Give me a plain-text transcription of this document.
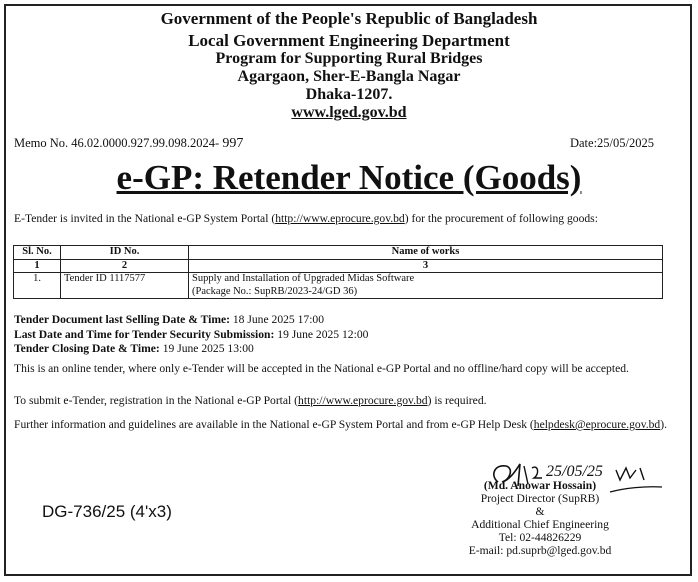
Government of the People's Republic of Bangladesh
Local Government Engineering Department
Program for Supporting Rural Bridges
Agargaon, Sher-E-Bangla Nagar
Dhaka-1207.
www.lged.gov.bd
Memo No. 46.02.0000.927.99.098.2024- 997	Date:25/05/2025
e-GP: Retender Notice (Goods)
E-Tender is invited in the National e-GP System Portal (http://www.eprocure.gov.bd) for the procurement of following goods:
Sl. No.	ID No.	Name of works
1	2	3
1.	Tender ID 1117577	Supply and Installation of Upgraded Midas Software
(Package No.: SupRB/2023-24/GD 36)
Tender Document last Selling Date & Time: 18 June 2025 17:00
Last Date and Time for Tender Security Submission: 19 June 2025 12:00
Tender Closing Date & Time: 19 June 2025 13:00
This is an online tender, where only e-Tender will be accepted in the National e-GP Portal and no offline/hard copy will be accepted.
To submit e-Tender, registration in the National e-GP Portal (http://www.eprocure.gov.bd) is required.
Further information and guidelines are available in the National e-GP System Portal and from e-GP Help Desk (helpdesk@eprocure.gov.bd).
25/05/25
(Md. Anowar Hossain)
Project Director (SupRB)
&
Additional Chief Engineering
Tel: 02-44826229
E-mail: pd.suprb@lged.gov.bd
DG-736/25 (4'x3)
